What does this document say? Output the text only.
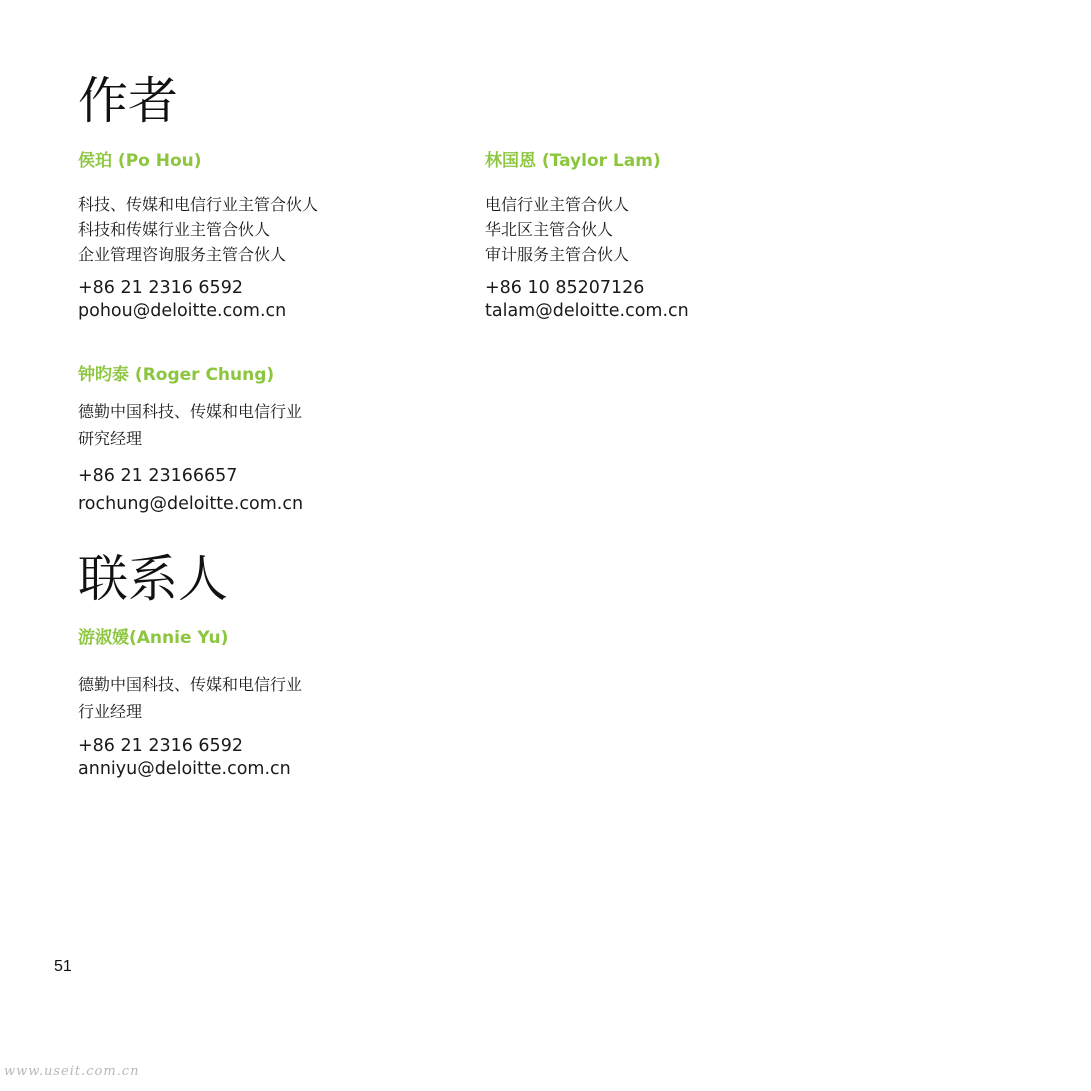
作者
侯珀 (Po Hou)
科技、传媒和电信行业主管合伙人
科技和传媒行业主管合伙人
企业管理咨询服务主管合伙人
+86 21 2316 6592
pohou@deloitte.com.cn
林国恩 (Taylor Lam)
电信行业主管合伙人
华北区主管合伙人
审计服务主管合伙人
+86 10 85207126
talam@deloitte.com.cn
钟昀泰 (Roger Chung)
德勤中国科技、传媒和电信行业
研究经理
+86 21 23166657
rochung@deloitte.com.cn
联系人
游淑媛(Annie Yu)
德勤中国科技、传媒和电信行业
行业经理
+86 21 2316 6592
anniyu@deloitte.com.cn
51
www.useit.com.cn
